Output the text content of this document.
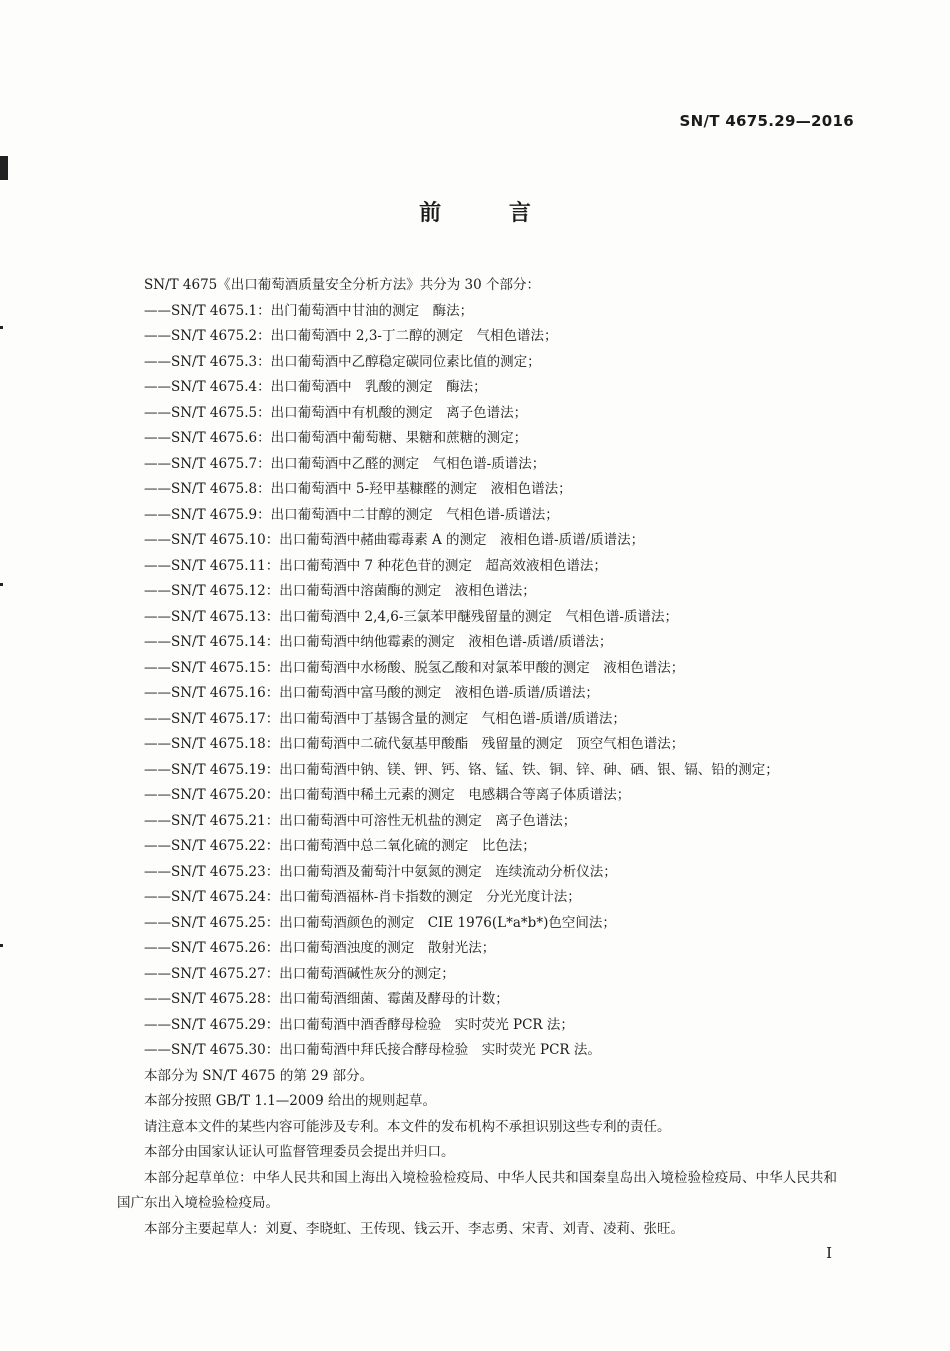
SN/T 4675.29—2016
前 言

SN/T 4675《出口葡萄酒质量安全分析方法》共分为 30 个部分：

——SN/T 4675.1：出门葡萄酒中甘油的测定　酶法；

——SN/T 4675.2：出口葡萄酒中 2,3-丁二醇的测定　气相色谱法；

——SN/T 4675.3：出口葡萄酒中乙醇稳定碳同位素比值的测定；

——SN/T 4675.4：出口葡萄酒中　乳酸的测定　酶法；

——SN/T 4675.5：出口葡萄酒中有机酸的测定　离子色谱法；

——SN/T 4675.6：出口葡萄酒中葡萄糖、果糖和蔗糖的测定；

——SN/T 4675.7：出口葡萄酒中乙醛的测定　气相色谱-质谱法；

——SN/T 4675.8：出口葡萄酒中 5-羟甲基糠醛的测定　液相色谱法；

——SN/T 4675.9：出口葡萄酒中二甘醇的测定　气相色谱-质谱法；

——SN/T 4675.10：出口葡萄酒中赭曲霉毒素 A 的测定　液相色谱-质谱/质谱法；

——SN/T 4675.11：出口葡萄酒中 7 种花色苷的测定　超高效液相色谱法；

——SN/T 4675.12：出口葡萄酒中溶菌酶的测定　液相色谱法；

——SN/T 4675.13：出口葡萄酒中 2,4,6-三氯苯甲醚残留量的测定　气相色谱-质谱法；

——SN/T 4675.14：出口葡萄酒中纳他霉素的测定　液相色谱-质谱/质谱法；

——SN/T 4675.15：出口葡萄酒中水杨酸、脱氢乙酸和对氯苯甲酸的测定　液相色谱法；

——SN/T 4675.16：出口葡萄酒中富马酸的测定　液相色谱-质谱/质谱法；

——SN/T 4675.17：出口葡萄酒中丁基锡含量的测定　气相色谱-质谱/质谱法；

——SN/T 4675.18：出口葡萄酒中二硫代氨基甲酸酯　残留量的测定　顶空气相色谱法；

——SN/T 4675.19：出口葡萄酒中钠、镁、钾、钙、铬、锰、铁、铜、锌、砷、硒、银、镉、铅的测定；

——SN/T 4675.20：出口葡萄酒中稀土元素的测定　电感耦合等离子体质谱法；

——SN/T 4675.21：出口葡萄酒中可溶性无机盐的测定　离子色谱法；

——SN/T 4675.22：出口葡萄酒中总二氧化硫的测定　比色法；

——SN/T 4675.23：出口葡萄酒及葡萄汁中氨氮的测定　连续流动分析仪法；

——SN/T 4675.24：出口葡萄酒福林-肖卡指数的测定　分光光度计法；

——SN/T 4675.25：出口葡萄酒颜色的测定　CIE 1976(L*a*b*)色空间法；

——SN/T 4675.26：出口葡萄酒浊度的测定　散射光法；

——SN/T 4675.27：出口葡萄酒碱性灰分的测定；

——SN/T 4675.28：出口葡萄酒细菌、霉菌及酵母的计数；

——SN/T 4675.29：出口葡萄酒中酒香酵母检验　实时荧光 PCR 法；

——SN/T 4675.30：出口葡萄酒中拜氏接合酵母检验　实时荧光 PCR 法。

本部分为 SN/T 4675 的第 29 部分。

本部分按照 GB/T 1.1—2009 给出的规则起草。

请注意本文件的某些内容可能涉及专利。本文件的发布机构不承担识别这些专利的责任。

本部分由国家认证认可监督管理委员会提出并归口。

本部分起草单位：中华人民共和国上海出入境检验检疫局、中华人民共和国秦皇岛出入境检验检疫局、中华人民共和国广东出入境检验检疫局。

本部分主要起草人：刘夏、李晓虹、王传现、钱云开、李志勇、宋青、刘青、凌莉、张旺。

I
